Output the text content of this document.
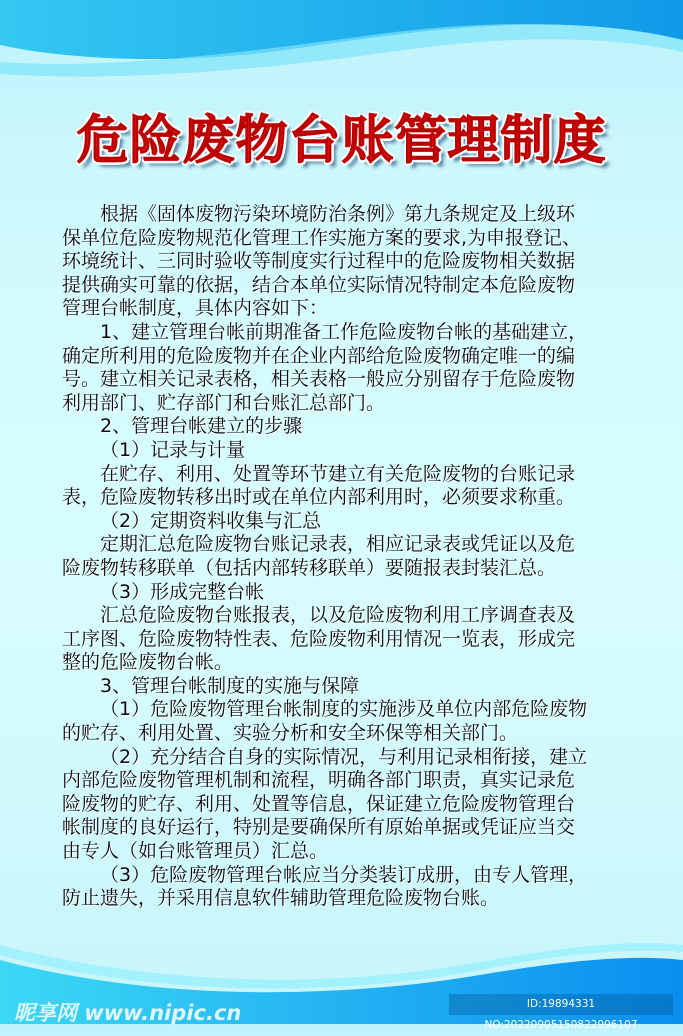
危险废物台账管理制度
根据《固体废物污染环境防治条例》第九条规定及上级环
保单位危险废物规范化管理工作实施方案的要求,为申报登记、
环境统计、三同时验收等制度实行过程中的危险废物相关数据
提供确实可靠的依据，结合本单位实际情况特制定本危险废物
管理台帐制度，具体内容如下：
1、建立管理台帐前期准备工作危险废物台帐的基础建立，
确定所利用的危险废物并在企业内部给危险废物确定唯一的编
号。建立相关记录表格，相关表格一般应分别留存于危险废物
利用部门、贮存部门和台账汇总部门。
2、管理台帐建立的步骤
（1）记录与计量
在贮存、利用、处置等环节建立有关危险废物的台账记录
表，危险废物转移出时或在单位内部利用时，必须要求称重。
（2）定期资料收集与汇总
定期汇总危险废物台账记录表，相应记录表或凭证以及危
险废物转移联单（包括内部转移联单）要随报表封装汇总。
（3）形成完整台帐
汇总危险废物台账报表，以及危险废物利用工序调查表及
工序图、危险废物特性表、危险废物利用情况一览表，形成完
整的危险废物台帐。
3、管理台帐制度的实施与保障
（1）危险废物管理台帐制度的实施涉及单位内部危险废物
的贮存、利用处置、实验分析和安全环保等相关部门。
（2）充分结合自身的实际情况，与利用记录相衔接，建立
内部危险废物管理机制和流程，明确各部门职责，真实记录危
险废物的贮存、利用、处置等信息，保证建立危险废物管理台
帐制度的良好运行，特别是要确保所有原始单据或凭证应当交
由专人（如台账管理员）汇总。
（3）危险废物管理台帐应当分类装订成册，由专人管理，
防止遗失，并采用信息软件辅助管理危险废物台账。
昵享网 www.nipic.cn	ID:19894331 NO:20220905150822996107
